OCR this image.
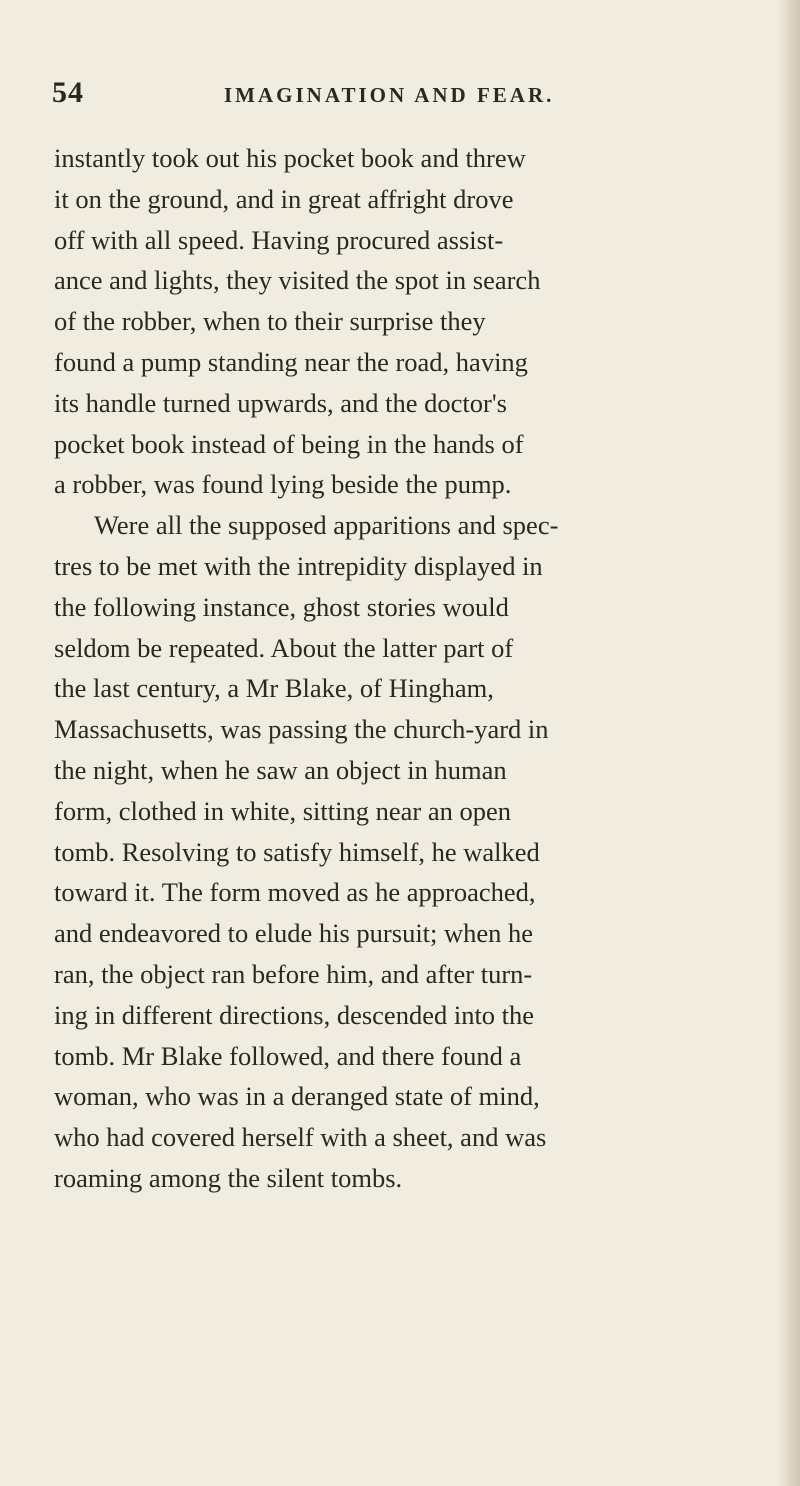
54	IMAGINATION AND FEAR.
instantly took out his pocket book and threw
it on the ground, and in great affright drove
off with all speed. Having procured assist-
ance and lights, they visited the spot in search
of the robber, when to their surprise they
found a pump standing near the road, having
its handle turned upwards, and the doctor's
pocket book instead of being in the hands of
a robber, was found lying beside the pump.
Were all the supposed apparitions and spec-
tres to be met with the intrepidity displayed in
the following instance, ghost stories would
seldom be repeated. About the latter part of
the last century, a Mr Blake, of Hingham,
Massachusetts, was passing the church-yard in
the night, when he saw an object in human
form, clothed in white, sitting near an open
tomb. Resolving to satisfy himself, he walked
toward it. The form moved as he approached,
and endeavored to elude his pursuit; when he
ran, the object ran before him, and after turn-
ing in different directions, descended into the
tomb. Mr Blake followed, and there found a
woman, who was in a deranged state of mind,
who had covered herself with a sheet, and was
roaming among the silent tombs.
